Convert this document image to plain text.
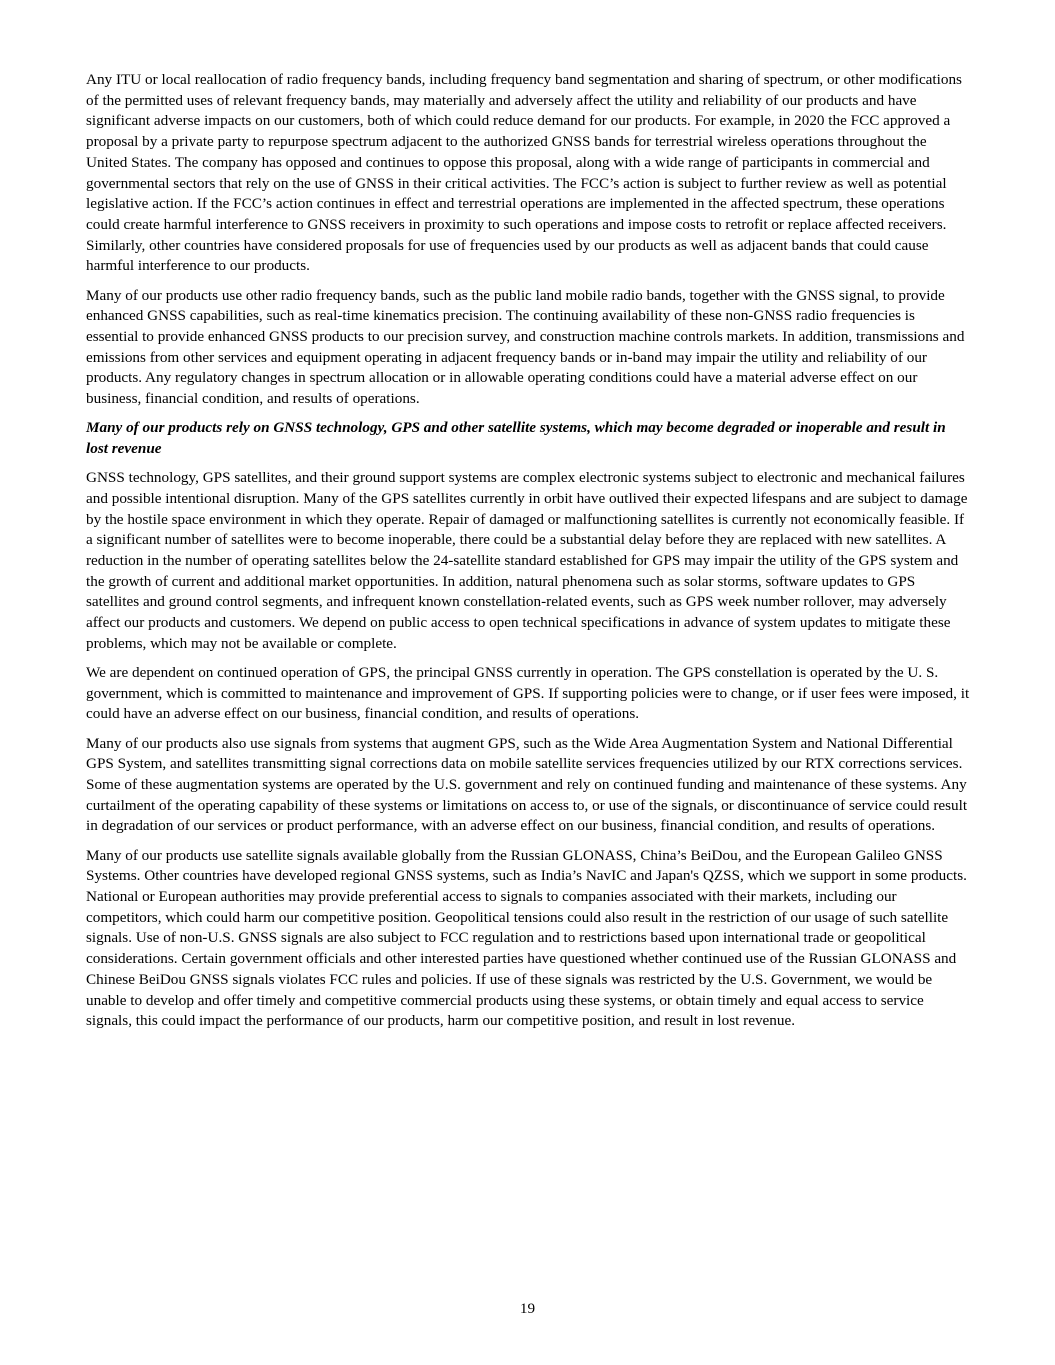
Any ITU or local reallocation of radio frequency bands, including frequency band segmentation and sharing of spectrum, or other modifications of the permitted uses of relevant frequency bands, may materially and adversely affect the utility and reliability of our products and have significant adverse impacts on our customers, both of which could reduce demand for our products. For example, in 2020 the FCC approved a proposal by a private party to repurpose spectrum adjacent to the authorized GNSS bands for terrestrial wireless operations throughout the United States. The company has opposed and continues to oppose this proposal, along with a wide range of participants in commercial and governmental sectors that rely on the use of GNSS in their critical activities. The FCC’s action is subject to further review as well as potential legislative action. If the FCC’s action continues in effect and terrestrial operations are implemented in the affected spectrum, these operations could create harmful interference to GNSS receivers in proximity to such operations and impose costs to retrofit or replace affected receivers. Similarly, other countries have considered proposals for use of frequencies used by our products as well as adjacent bands that could cause harmful interference to our products.

Many of our products use other radio frequency bands, such as the public land mobile radio bands, together with the GNSS signal, to provide enhanced GNSS capabilities, such as real-time kinematics precision. The continuing availability of these non-GNSS radio frequencies is essential to provide enhanced GNSS products to our precision survey, and construction machine controls markets. In addition, transmissions and emissions from other services and equipment operating in adjacent frequency bands or in-band may impair the utility and reliability of our products. Any regulatory changes in spectrum allocation or in allowable operating conditions could have a material adverse effect on our business, financial condition, and results of operations.

Many of our products rely on GNSS technology, GPS and other satellite systems, which may become degraded or inoperable and result in lost revenue

GNSS technology, GPS satellites, and their ground support systems are complex electronic systems subject to electronic and mechanical failures and possible intentional disruption. Many of the GPS satellites currently in orbit have outlived their expected lifespans and are subject to damage by the hostile space environment in which they operate. Repair of damaged or malfunctioning satellites is currently not economically feasible. If a significant number of satellites were to become inoperable, there could be a substantial delay before they are replaced with new satellites. A reduction in the number of operating satellites below the 24-satellite standard established for GPS may impair the utility of the GPS system and the growth of current and additional market opportunities. In addition, natural phenomena such as solar storms, software updates to GPS satellites and ground control segments, and infrequent known constellation-related events, such as GPS week number rollover, may adversely affect our products and customers. We depend on public access to open technical specifications in advance of system updates to mitigate these problems, which may not be available or complete.

We are dependent on continued operation of GPS, the principal GNSS currently in operation. The GPS constellation is operated by the U. S. government, which is committed to maintenance and improvement of GPS. If supporting policies were to change, or if user fees were imposed, it could have an adverse effect on our business, financial condition, and results of operations.

Many of our products also use signals from systems that augment GPS, such as the Wide Area Augmentation System and National Differential GPS System, and satellites transmitting signal corrections data on mobile satellite services frequencies utilized by our RTX corrections services. Some of these augmentation systems are operated by the U.S. government and rely on continued funding and maintenance of these systems. Any curtailment of the operating capability of these systems or limitations on access to, or use of the signals, or discontinuance of service could result in degradation of our services or product performance, with an adverse effect on our business, financial condition, and results of operations.

Many of our products use satellite signals available globally from the Russian GLONASS, China’s BeiDou, and the European Galileo GNSS Systems. Other countries have developed regional GNSS systems, such as India’s NavIC and Japan's QZSS, which we support in some products. National or European authorities may provide preferential access to signals to companies associated with their markets, including our competitors, which could harm our competitive position. Geopolitical tensions could also result in the restriction of our usage of such satellite signals. Use of non-U.S. GNSS signals are also subject to FCC regulation and to restrictions based upon international trade or geopolitical considerations. Certain government officials and other interested parties have questioned whether continued use of the Russian GLONASS and Chinese BeiDou GNSS signals violates FCC rules and policies. If use of these signals was restricted by the U.S. Government, we would be unable to develop and offer timely and competitive commercial products using these systems, or obtain timely and equal access to service signals, this could impact the performance of our products, harm our competitive position, and result in lost revenue.

19
